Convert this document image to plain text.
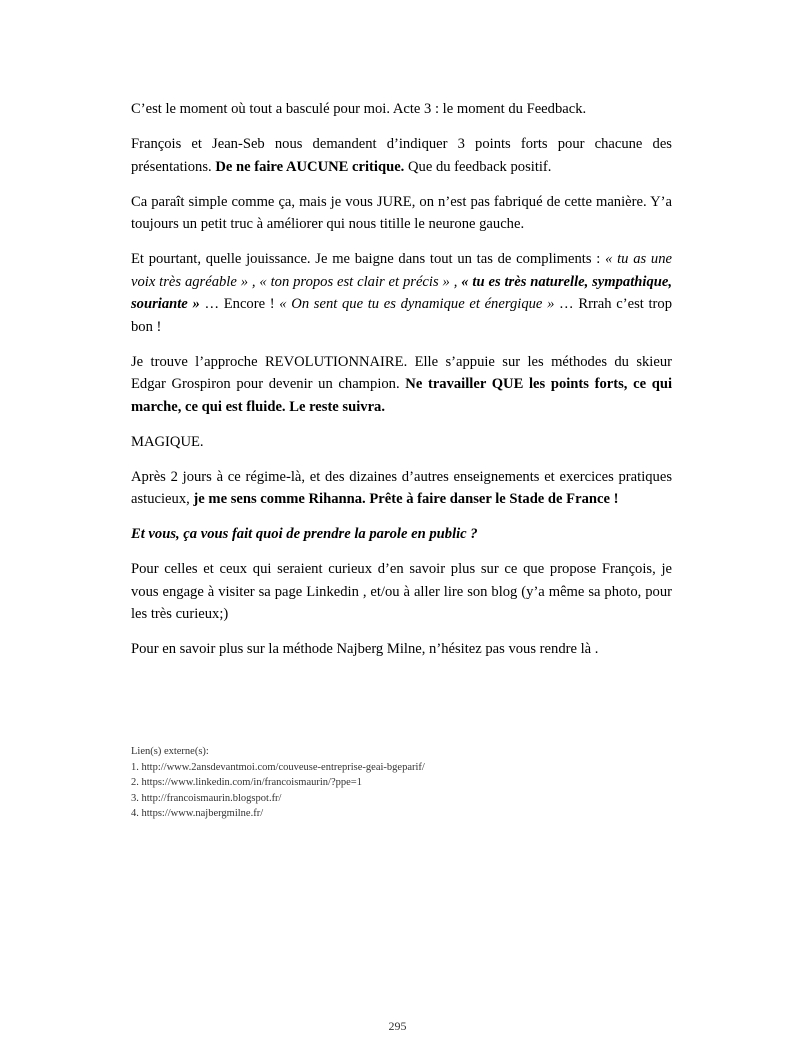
C’est le moment où tout a basculé pour moi. Acte 3 : le moment du Feedback.

François et Jean-Seb nous demandent d’indiquer 3 points forts pour chacune des présentations. De ne faire AUCUNE critique. Que du feedback positif.

Ca paraît simple comme ça, mais je vous JURE, on n’est pas fabriqué de cette manière. Y’a toujours un petit truc à améliorer qui nous titille le neurone gauche.

Et pourtant, quelle jouissance. Je me baigne dans tout un tas de compliments : « tu as une voix très agréable » , « ton propos est clair et précis » , « tu es très naturelle, sympathique, souriante » … Encore ! « On sent que tu es dynamique et énergique » … Rrrah c’est trop bon !

Je trouve l’approche REVOLUTIONNAIRE. Elle s’appuie sur les méthodes du skieur Edgar Grospiron pour devenir un champion. Ne travailler QUE les points forts, ce qui marche, ce qui est fluide. Le reste suivra.

MAGIQUE.

Après 2 jours à ce régime-là, et des dizaines d’autres enseignements et exercices pratiques astucieux, je me sens comme Rihanna. Prête à faire danser le Stade de France !

Et vous, ça vous fait quoi de prendre la parole en public ?

Pour celles et ceux qui seraient curieux d’en savoir plus sur ce que propose François, je vous engage à visiter sa page Linkedin , et/ou à aller lire son blog (y’a même sa photo, pour les très curieux;)

Pour en savoir plus sur la méthode Najberg Milne, n’hésitez pas vous rendre là .

Lien(s) externe(s):
1. http://www.2ansdevantmoi.com/couveuse-entreprise-geai-bgeparif/
2. https://www.linkedin.com/in/francoismaurin/?ppe=1
3. http://francoismaurin.blogspot.fr/
4. https://www.najbergmilne.fr/
295
